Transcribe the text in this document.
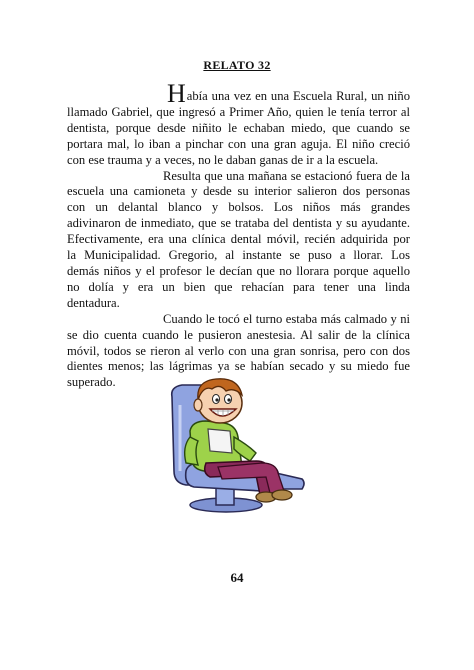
RELATO 32

Había una vez en una Escuela Rural, un niño
llamado Gabriel, que ingresó a Primer Año, quien le tenía terror al
dentista, porque desde niñito le echaban miedo, que cuando se
portara mal, lo iban a pinchar con una gran aguja. El niño creció
con ese trauma y a veces, no le daban ganas de ir a la escuela.

Resulta que una mañana se estacionó fuera de la
escuela una camioneta y desde su interior salieron dos personas
con un delantal blanco y bolsos. Los niños más grandes
adivinaron de inmediato, que se trataba del dentista y su ayudante.
Efectivamente, era una clínica dental móvil, recién adquirida por
la Municipalidad. Gregorio, al instante se puso a llorar. Los
demás niños y el profesor le decían que no llorara porque aquello
no dolía y era un bien que rehacían para tener una linda
dentadura.

Cuando le tocó el turno estaba más calmado y ni
se dio cuenta cuando le pusieron anestesia. Al salir de la clínica
móvil, todos se rieron al verlo con una gran sonrisa, pero con dos
dientes menos; las lágrimas ya se habían secado y su miedo fue
superado.

64
